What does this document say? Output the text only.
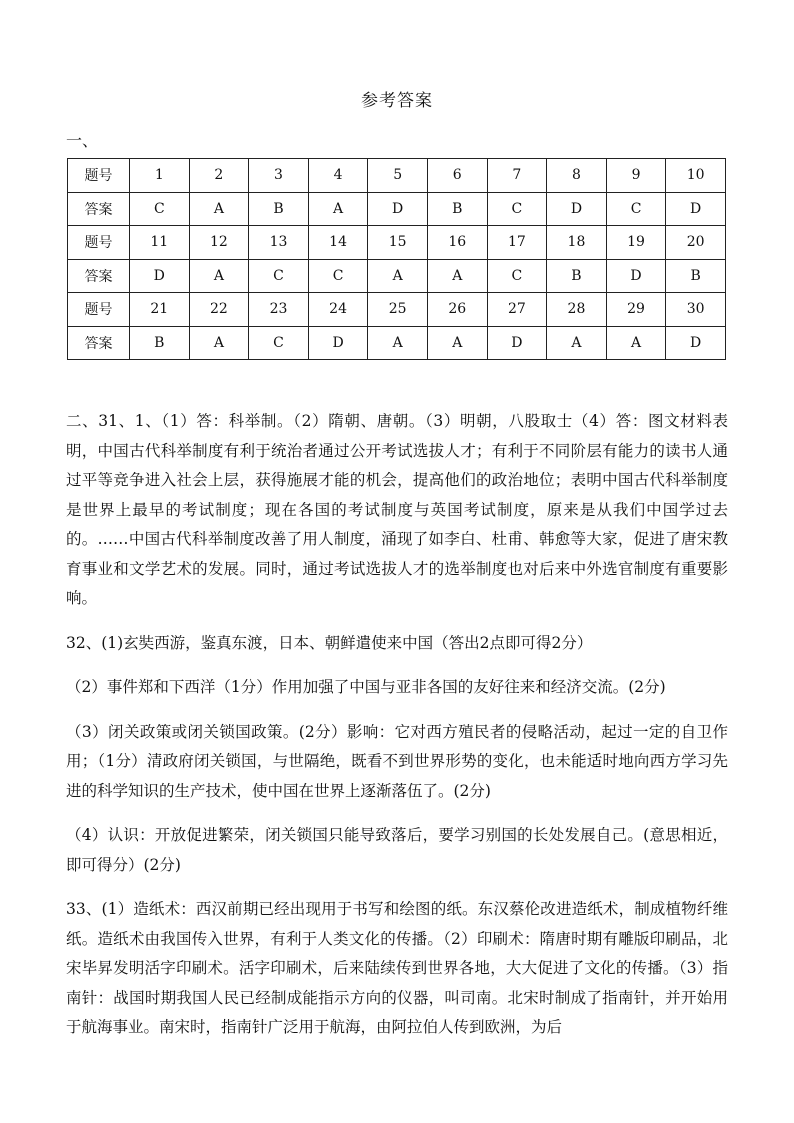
参考答案
一、
题号	1	2	3	4	5	6	7	8	9	10
答案	C	A	B	A	D	B	C	D	C	D
题号	11	12	13	14	15	16	17	18	19	20
答案	D	A	C	C	A	A	C	B	D	B
题号	21	22	23	24	25	26	27	28	29	30
答案	B	A	C	D	A	A	D	A	A	D

二、31、1、（1）答：科举制。（2）隋朝、唐朝。（3）明朝，八股取士（4）答：图文材料表明，中国古代科举制度有利于统治者通过公开考试选拔人才；有利于不同阶层有能力的读书人通过平等竞争进入社会上层，获得施展才能的机会，提高他们的政治地位；表明中国古代科举制度是世界上最早的考试制度；现在各国的考试制度与英国考试制度，原来是从我们中国学过去的。……中国古代科举制度改善了用人制度，涌现了如李白、杜甫、韩愈等大家，促进了唐宋教育事业和文学艺术的发展。同时，通过考试选拔人才的选举制度也对后来中外选官制度有重要影响。

32、(1)玄奘西游，鉴真东渡，日本、朝鲜遣使来中国（答出2点即可得2分）

（2）事件郑和下西洋（1分）作用加强了中国与亚非各国的友好往来和经济交流。(2分)

（3）闭关政策或闭关锁国政策。(2分）影响：它对西方殖民者的侵略活动，起过一定的自卫作用；（1分）清政府闭关锁国，与世隔绝，既看不到世界形势的变化，也未能适时地向西方学习先进的科学知识的生产技术，使中国在世界上逐渐落伍了。(2分)

（4）认识：开放促进繁荣，闭关锁国只能导致落后，要学习别国的长处发展自己。(意思相近，即可得分）(2分)

33、(1）造纸术：西汉前期已经出现用于书写和绘图的纸。东汉蔡伦改进造纸术，制成植物纤维纸。造纸术由我国传入世界，有利于人类文化的传播。（2）印刷术：隋唐时期有雕版印刷品，北宋毕昇发明活字印刷术。活字印刷术，后来陆续传到世界各地，大大促进了文化的传播。（3）指南针：战国时期我国人民已经制成能指示方向的仪器，叫司南。北宋时制成了指南针，并开始用于航海事业。南宋时，指南针广泛用于航海，由阿拉伯人传到欧洲，为后
